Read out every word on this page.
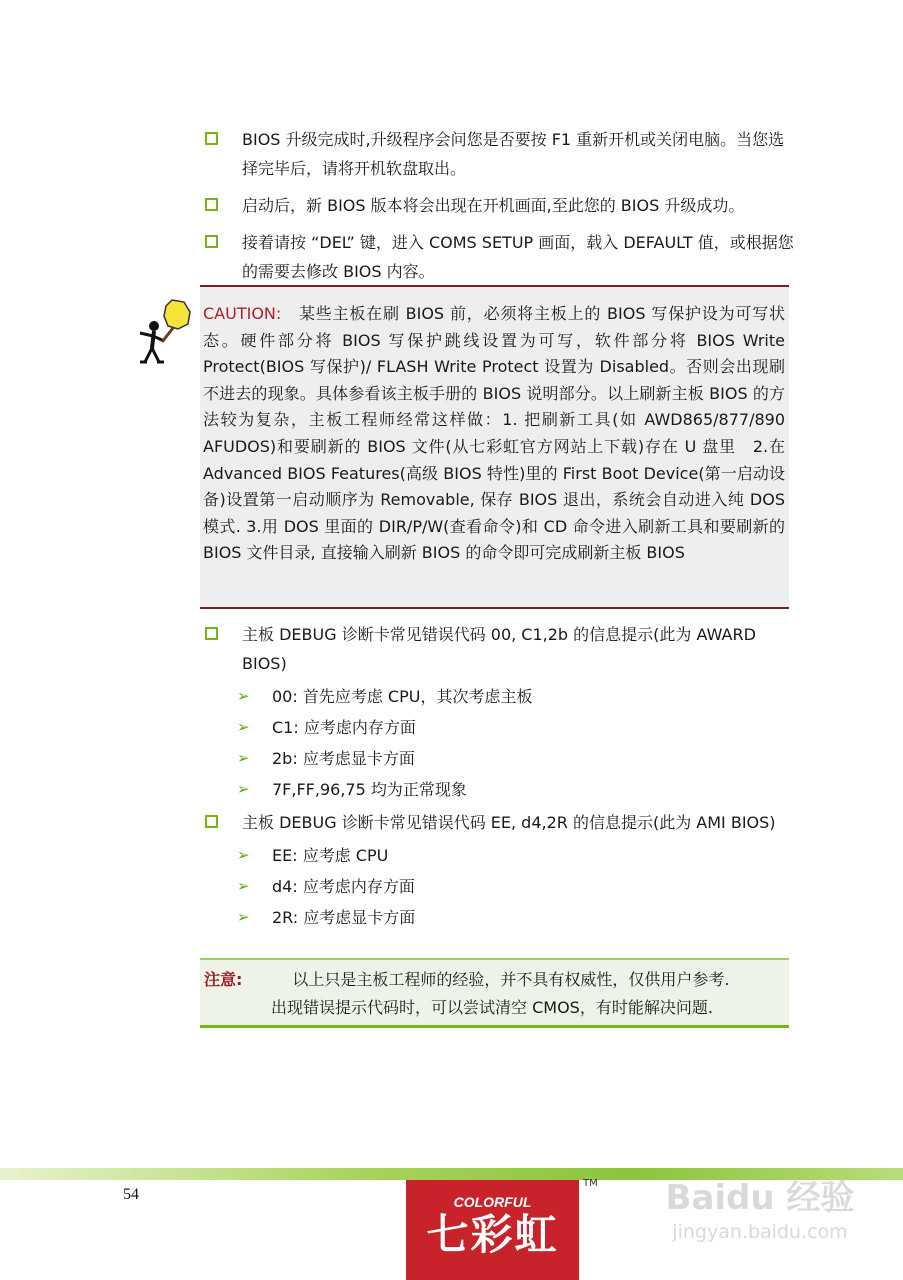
BIOS 升级完成时,升级程序会问您是否要按 F1 重新开机或关闭电脑。当您选择完毕后，请将开机软盘取出。
启动后，新 BIOS 版本将会出现在开机画面,至此您的 BIOS 升级成功。
接着请按 “DEL” 键，进入 COMS SETUP 画面，载入 DEFAULT 值，或根据您的需要去修改 BIOS 内容。
CAUTION: 某些主板在刷 BIOS 前，必须将主板上的 BIOS 写保护设为可写状态。硬件部分将 BIOS 写保护跳线设置为可写，软件部分将 BIOS Write Protect(BIOS 写保护)/ FLASH Write Protect 设置为 Disabled。否则会出现刷不进去的现象。具体参看该主板手册的 BIOS 说明部分。以上刷新主板 BIOS 的方法较为复杂，主板工程师经常这样做：1. 把刷新工具(如 AWD865/877/890 AFUDOS)和要刷新的 BIOS 文件(从七彩虹官方网站上下载)存在 U 盘里　2.在 Advanced BIOS Features(高级 BIOS 特性)里的 First Boot Device(第一启动设备)设置第一启动顺序为 Removable, 保存 BIOS 退出，系统会自动进入纯 DOS 模式. 3.用 DOS 里面的 DIR/P/W(查看命令)和 CD 命令进入刷新工具和要刷新的 BIOS 文件目录, 直接输入刷新 BIOS 的命令即可完成刷新主板 BIOS
主板 DEBUG 诊断卡常见错误代码 00, C1,2b 的信息提示(此为 AWARD BIOS)
➢ 00: 首先应考虑 CPU，其次考虑主板
➢ C1: 应考虑内存方面
➢ 2b: 应考虑显卡方面
➢ 7F,FF,96,75 均为正常现象
主板 DEBUG 诊断卡常见错误代码 EE, d4,2R 的信息提示(此为 AMI BIOS)
➢ EE: 应考虑 CPU
➢ d4: 应考虑内存方面
➢ 2R: 应考虑显卡方面
注意:	以上只是主板工程师的经验，并不具有权威性，仅供用户参考.
出现错误提示代码时，可以尝试清空 CMOS，有时能解决问题.
54	COLORFUL
七彩虹
TM	Baidu 经验
jingyan.baidu.com
